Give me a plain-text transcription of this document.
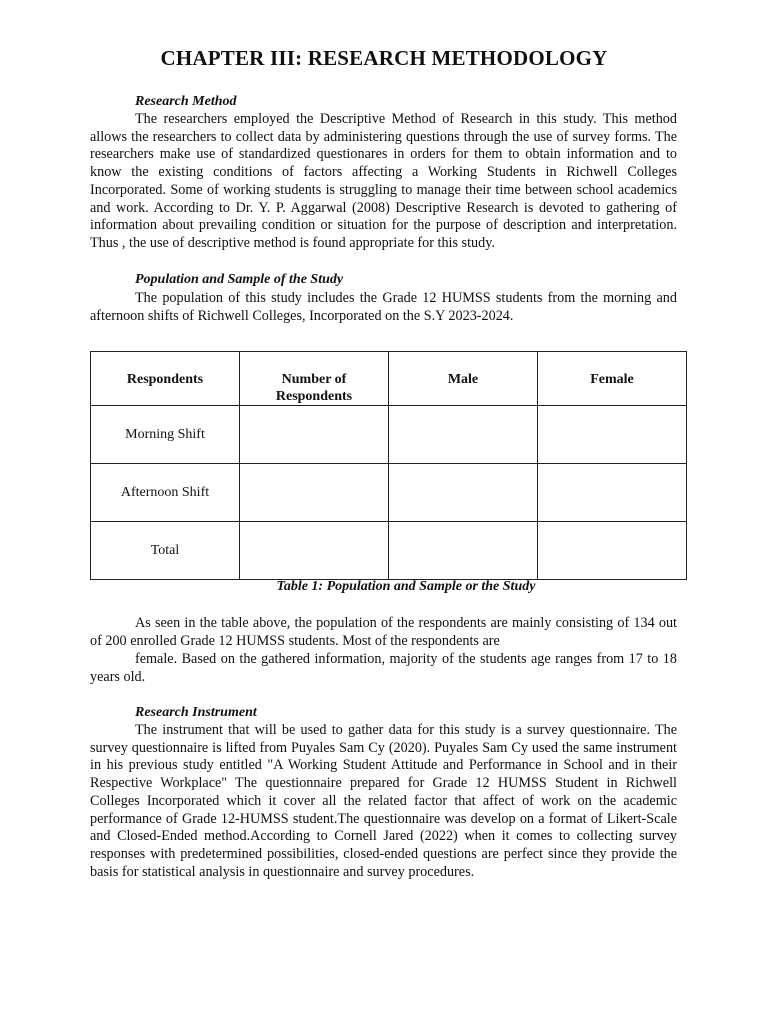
CHAPTER III: RESEARCH METHODOLOGY
Research Method

The researchers employed the Descriptive Method of Research in this study. This method allows the researchers to collect data by administering questions through the use of survey forms. The researchers make use of standardized questionares in orders for them to obtain information and to know the existing conditions of factors affecting a Working Students in Richwell Colleges Incorporated. Some of working students is struggling to manage their time between school academics and work. According to Dr. Y. P. Aggarwal (2008) Descriptive Research is devoted to gathering of information about prevailing condition or situation for the purpose of description and interpretation. Thus , the use of descriptive method is found appropriate for this study.

Population and Sample of the Study

The population of this study includes the Grade 12 HUMSS students from the morning and afternoon shifts of Richwell Colleges, Incorporated on the S.Y 2023-2024.

Respondents	Number of Respondents	Male	Female
Morning Shift			
Afternoon Shift			
Total			
Table 1: Population and Sample or the Study

As seen in the table above, the population of the respondents are mainly consisting of 134 out of 200 enrolled Grade 12 HUMSS students. Most of the respondents are

female. Based on the gathered information, majority of the students age ranges from 17 to 18 years old.

Research Instrument

The instrument that will be used to gather data for this study is a survey questionnaire. The survey questionnaire is lifted from Puyales Sam Cy (2020). Puyales Sam Cy used the same instrument in his previous study entitled "A Working Student Attitude and Performance in School and in their Respective Workplace" The questionnaire prepared for Grade 12 HUMSS Student in Richwell Colleges Incorporated which it cover all the related factor that affect of work on the academic performance of Grade 12-HUMSS student.The questionnaire was develop on a format of Likert-Scale and Closed-Ended method.According to Cornell Jared (2022) when it comes to collecting survey responses with predetermined possibilities, closed-ended questions are perfect since they provide the basis for statistical analysis in questionnaire and survey procedures.
